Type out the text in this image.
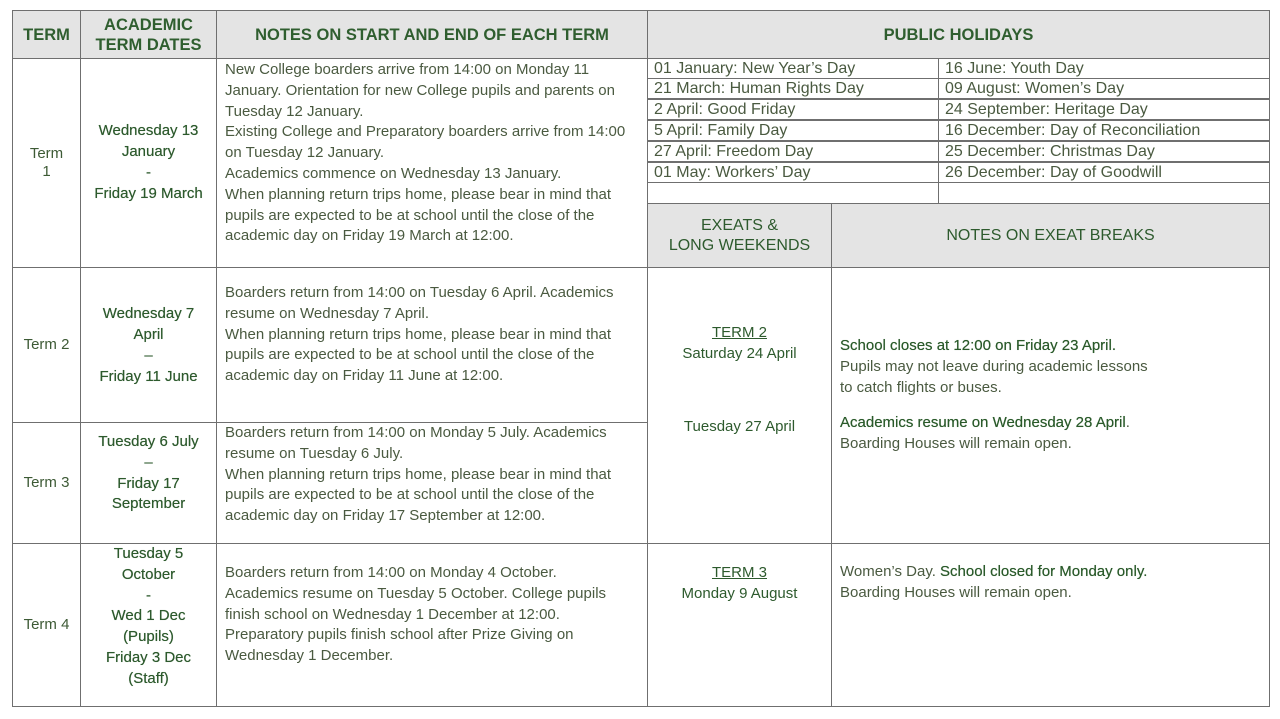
TERM
ACADEMIC
TERM DATES
NOTES ON START AND END OF EACH TERM	PUBLIC HOLIDAYS
Term
1
Wednesday 13
January
-
Friday 19 March
New College boarders arrive from 14:00 on Monday 11
January. Orientation for new College pupils and parents on
Tuesday 12 January.
Existing College and Preparatory boarders arrive from 14:00
on Tuesday 12 January.
Academics commence on Wednesday 13 January.
When planning return trips home, please bear in mind that
pupils are expected to be at school until the close of the
academic day on Friday 19 March at 12:00.
01 January: New Year’s Day
21 March: Human Rights Day
2 April: Good Friday
5 April: Family Day
27 April: Freedom Day
01 May: Workers’ Day
16 June: Youth Day
09 August: Women’s Day
24 September: Heritage Day
16 December: Day of Reconciliation
25 December: Christmas Day
26 December: Day of Goodwill
EXEATS &
LONG WEEKENDS
NOTES ON EXEAT BREAKS
Term 2
Wednesday 7
April
–
Friday 11 June
Boarders return from 14:00 on Tuesday 6 April. Academics
resume on Wednesday 7 April.
When planning return trips home, please bear in mind that
pupils are expected to be at school until the close of the
academic day on Friday 11 June at 12:00.
Term 3
Tuesday 6 July
–
Friday 17
September
Boarders return from 14:00 on Monday 5 July. Academics
resume on Tuesday 6 July.
When planning return trips home, please bear in mind that
pupils are expected to be at school until the close of the
academic day on Friday 17 September at 12:00.
TERM 2
Saturday 24 April
Tuesday 27 April
School closes at 12:00 on Friday 23 April.
Pupils may not leave during academic lessons
to catch flights or buses.
Academics resume on Wednesday 28 April.
Boarding Houses will remain open.
Term 4
Tuesday 5
October
-
Wed 1 Dec
(Pupils)
Friday 3 Dec
(Staff)
Boarders return from 14:00 on Monday 4 October.
Academics resume on Tuesday 5 October. College pupils
finish school on Wednesday 1 December at 12:00.
Preparatory pupils finish school after Prize Giving on
Wednesday 1 December.
TERM 3
Monday 9 August
Women’s Day. School closed for Monday only.
Boarding Houses will remain open.
